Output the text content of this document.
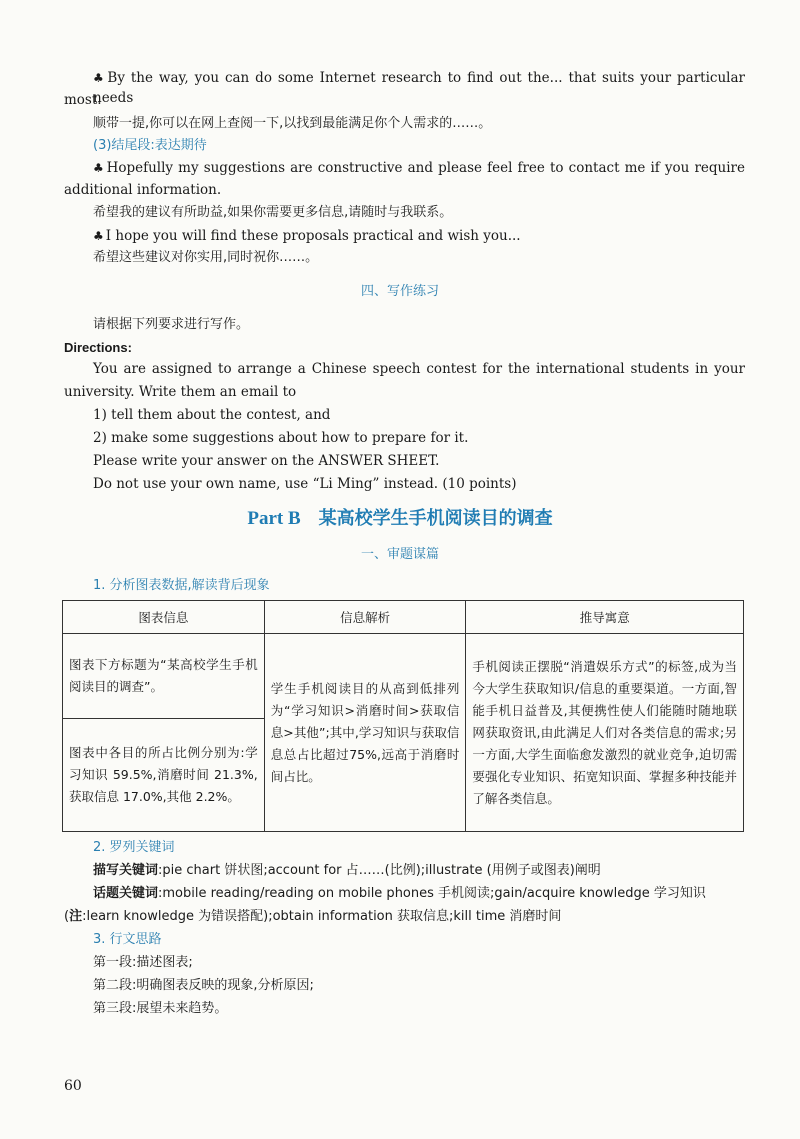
♣ By the way, you can do some Internet research to find out the... that suits your particular needs
most.
顺带一提,你可以在网上查阅一下,以找到最能满足你个人需求的……。
(3)结尾段:表达期待
♣ Hopefully my suggestions are constructive and please feel free to contact me if you require
additional information.
希望我的建议有所助益,如果你需要更多信息,请随时与我联系。
♣ I hope you will find these proposals practical and wish you...
希望这些建议对你实用,同时祝你……。
四、写作练习
请根据下列要求进行写作。
Directions:
You are assigned to arrange a Chinese speech contest for the international students in your
university. Write them an email to
1) tell them about the contest, and
2) make some suggestions about how to prepare for it.
Please write your answer on the ANSWER SHEET.
Do not use your own name, use “Li Ming” instead. (10 points)
Part B 某高校学生手机阅读目的调查
一、审题谋篇
1. 分析图表数据,解读背后现象
图表信息	信息解析	推导寓意

图表下方标题为“某高校学生手机阅读目的调查”。	学生手机阅读目的从高到低排列为“学习知识>消磨时间>获取信息>其他”;其中,学习知识与获取信息总占比超过75%,远高于消磨时间占比。	手机阅读正摆脱“消遣娱乐方式”的标签,成为当今大学生获取知识/信息的重要渠道。一方面,智能手机日益普及,其便携性使人们能随时随地联网获取资讯,由此满足人们对各类信息的需求;另一方面,大学生面临愈发激烈的就业竞争,迫切需要强化专业知识、拓宽知识面、掌握多种技能并了解各类信息。

图表中各目的所占比例分别为:学习知识 59.5%,消磨时间 21.3%,获取信息 17.0%,其他 2.2%。		
2. 罗列关键词
描写关键词:pie chart 饼状图;account for 占……(比例);illustrate (用例子或图表)阐明
话题关键词:mobile reading/reading on mobile phones 手机阅读;gain/acquire knowledge 学习知识
(注:learn knowledge 为错误搭配);obtain information 获取信息;kill time 消磨时间
3. 行文思路
第一段:描述图表;
第二段:明确图表反映的现象,分析原因;
第三段:展望未来趋势。
60
